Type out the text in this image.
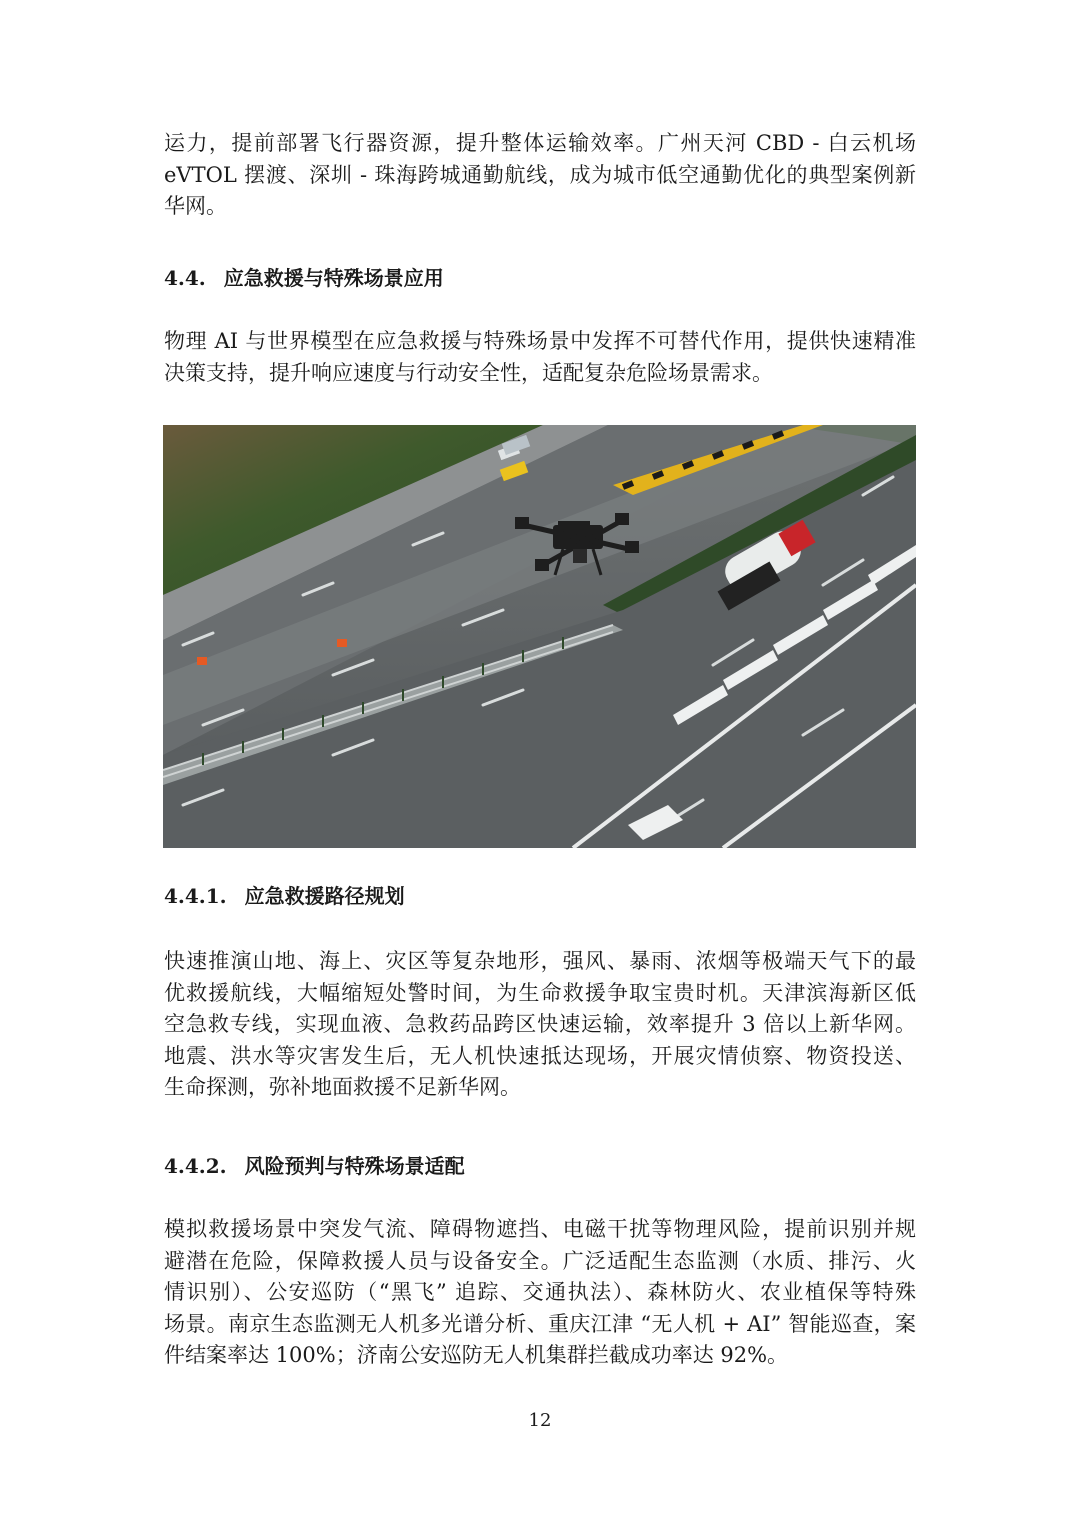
运力，提前部署飞行器资源，提升整体运输效率。广州天河 CBD - 白云机场
eVTOL 摆渡、深圳 - 珠海跨城通勤航线，成为城市低空通勤优化的典型案例新
华网。
4.4. 应急救援与特殊场景应用
物理 AI 与世界模型在应急救援与特殊场景中发挥不可替代作用，提供快速精准
决策支持，提升响应速度与行动安全性，适配复杂危险场景需求。
4.4.1. 应急救援路径规划
快速推演山地、海上、灾区等复杂地形，强风、暴雨、浓烟等极端天气下的最
优救援航线，大幅缩短处警时间，为生命救援争取宝贵时机。天津滨海新区低
空急救专线，实现血液、急救药品跨区快速运输，效率提升 3 倍以上新华网。
地震、洪水等灾害发生后，无人机快速抵达现场，开展灾情侦察、物资投送、
生命探测，弥补地面救援不足新华网。
4.4.2. 风险预判与特殊场景适配
模拟救援场景中突发气流、障碍物遮挡、电磁干扰等物理风险，提前识别并规
避潜在危险，保障救援人员与设备安全。广泛适配生态监测（水质、排污、火
情识别）、公安巡防（“黑飞” 追踪、交通执法）、森林防火、农业植保等特殊
场景。南京生态监测无人机多光谱分析、重庆江津 “无人机 + AI” 智能巡查，案
件结案率达 100%；济南公安巡防无人机集群拦截成功率达 92%。
12
